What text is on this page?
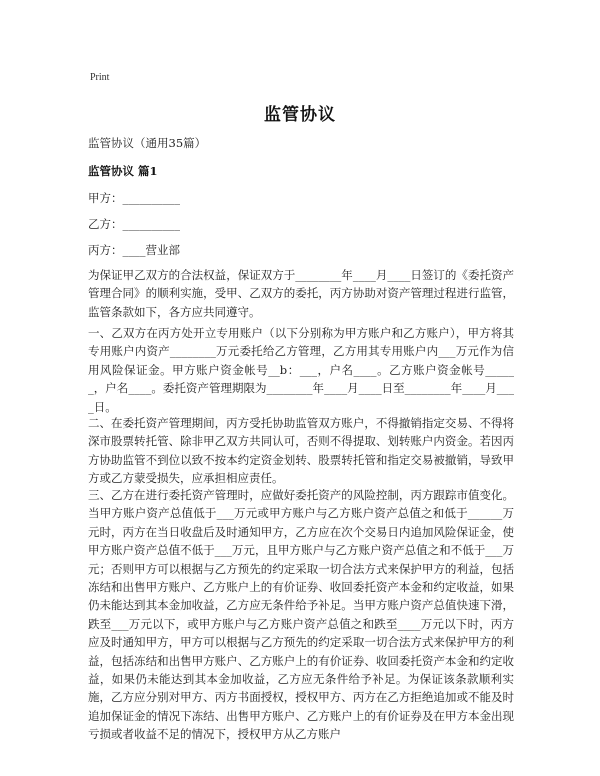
Print
监管协议
监管协议（通用35篇）
监管协议 篇1
甲方：__________
乙方：__________
丙方：____营业部

为保证甲乙双方的合法权益，保证双方于________年____月____日签订的《委托资产管理合同》的顺利实施，受甲、乙双方的委托，丙方协助对资产管理过程进行监管，监管条款如下，各方应共同遵守。

一、乙双方在丙方处开立专用账户（以下分别称为甲方账户和乙方账户），甲方将其专用账户内资产________万元委托给乙方管理，乙方用其专用账户内___万元作为信用风险保证金。甲方账户资金帐号__b：___，户名____。乙方账户资金帐号______，户名____。委托资产管理期限为________年____月____日至________年____月____日。

二、在委托资产管理期间，丙方受托协助监管双方账户，不得撤销指定交易、不得将深市股票转托管、除非甲乙双方共同认可，否则不得提取、划转账户内资金。若因丙方协助监管不到位以致不按本约定资金划转、股票转托管和指定交易被撤销，导致甲方或乙方蒙受损失，应承担相应责任。

三、乙方在进行委托资产管理时，应做好委托资产的风险控制，丙方跟踪市值变化。当甲方账户资产总值低于___万元或甲方账户与乙方账户资产总值之和低于______万元时，丙方在当日收盘后及时通知甲方，乙方应在次个交易日内追加风险保证金，使甲方账户资产总值不低于___万元，且甲方账户与乙方账户资产总值之和不低于___万元；否则甲方可以根据与乙方预先的约定采取一切合法方式来保护甲方的利益，包括冻结和出售甲方账户、乙方账户上的有价证券、收回委托资产本金和约定收益，如果仍未能达到其本金加收益，乙方应无条件给予补足。当甲方账户资产总值快速下滑，跌至___万元以下，或甲方账户与乙方账户资产总值之和跌至____万元以下时，丙方应及时通知甲方，甲方可以根据与乙方预先的约定采取一切合法方式来保护甲方的利益，包括冻结和出售甲方账户、乙方账户上的有价证券、收回委托资产本金和约定收益，如果仍未能达到其本金加收益，乙方应无条件给予补足。为保证该条款顺利实施，乙方应分别对甲方、丙方书面授权，授权甲方、丙方在乙方拒绝追加或不能及时追加保证金的情况下冻结、出售甲方账户、乙方账户上的有价证券及在甲方本金出现亏损或者收益不足的情况下，授权甲方从乙方账户
